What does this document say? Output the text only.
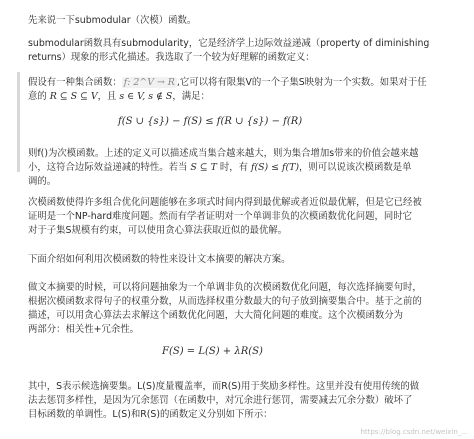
先来说一下submodular（次模）函数。
submodular函数具有submodularity，它是经济学上边际效益递减（property of diminishing
returns）现象的形式化描述。我选取了一个较为好理解的函数定义：
假设有一种集合函数： f: 2^V → R ,它可以将有限集V的一个子集S映射为一个实数。如果对于任
意的 R ⊆ S ⊆ V，且 s ∈ V, s ∉ S，满足：
f(S ∪ {s}) − f(S) ≤ f(R ∪ {s}) − f(R)
则f()为次模函数。上述的定义可以描述成当集合越来越大，则为集合增加s带来的价值会越来越
小，这符合边际效益递减的特性。若当 S ⊆ T 时，有 f(S) ≤ f(T)，则可以说该次模函数是单
调的。
次模函数使得许多组合优化问题能够在多项式时间内得到最优解或者近似最优解，但是它已经被
证明是一个NP-hard难度问题。然而有学者证明对一个单调非负的次模函数优化问题，同时它
对于子集S规模有约束，可以使用贪心算法获取近似的最优解。
下面介绍如何利用次模函数的特性来设计文本摘要的解决方案。
做文本摘要的时候，可以将问题抽象为一个单调非负的次模函数优化问题，每次选择摘要句时，
根据次模函数求得句子的权重分数，从而选择权重分数最大的句子放到摘要集合中。基于之前的
描述，可以用贪心算法去求解这个函数优化问题，大大简化问题的难度。这个次模函数分为
两部分：相关性+冗余性。
F(S) = L(S) + λR(S)
其中，S表示候选摘要集。L(S)度量覆盖率，而R(S)用于奖励多样性。这里并没有使用传统的做
法去惩罚多样性，是因为冗余惩罚（在函数中，对冗余进行惩罚，需要减去冗余分数）破坏了
目标函数的单调性。L(S)和R(S)的函数定义分别如下所示：
https://blog.csdn.net/weixin_...
